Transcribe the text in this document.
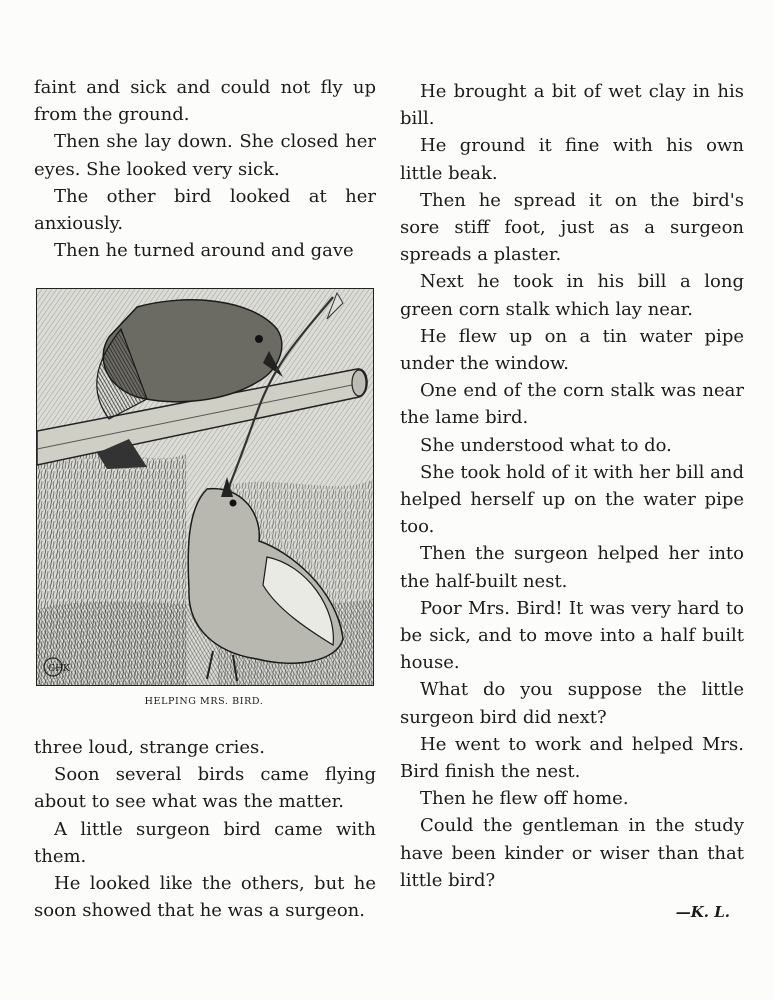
faint and sick and could not fly up from the ground.

Then she lay down. She closed her eyes. She looked very sick.

The other bird looked at her anxiously.

Then he turned around and gave

GHK
HELPING MRS. BIRD.

three loud, strange cries.

Soon several birds came flying about to see what was the matter.

A little surgeon bird came with them.

He looked like the others, but he soon showed that he was a surgeon.

He brought a bit of wet clay in his bill.

He ground it fine with his own little beak.

Then he spread it on the bird's sore stiff foot, just as a surgeon spreads a plaster.

Next he took in his bill a long green corn stalk which lay near.

He flew up on a tin water pipe under the window.

One end of the corn stalk was near the lame bird.

She understood what to do.

She took hold of it with her bill and helped herself up on the water pipe too.

Then the surgeon helped her into the half-built nest.

Poor Mrs. Bird! It was very hard to be sick, and to move into a half built house.

What do you suppose the little surgeon bird did next?

He went to work and helped Mrs. Bird finish the nest.

Then he flew off home.

Could the gentleman in the study have been kinder or wiser than that little bird?

—K. L.
